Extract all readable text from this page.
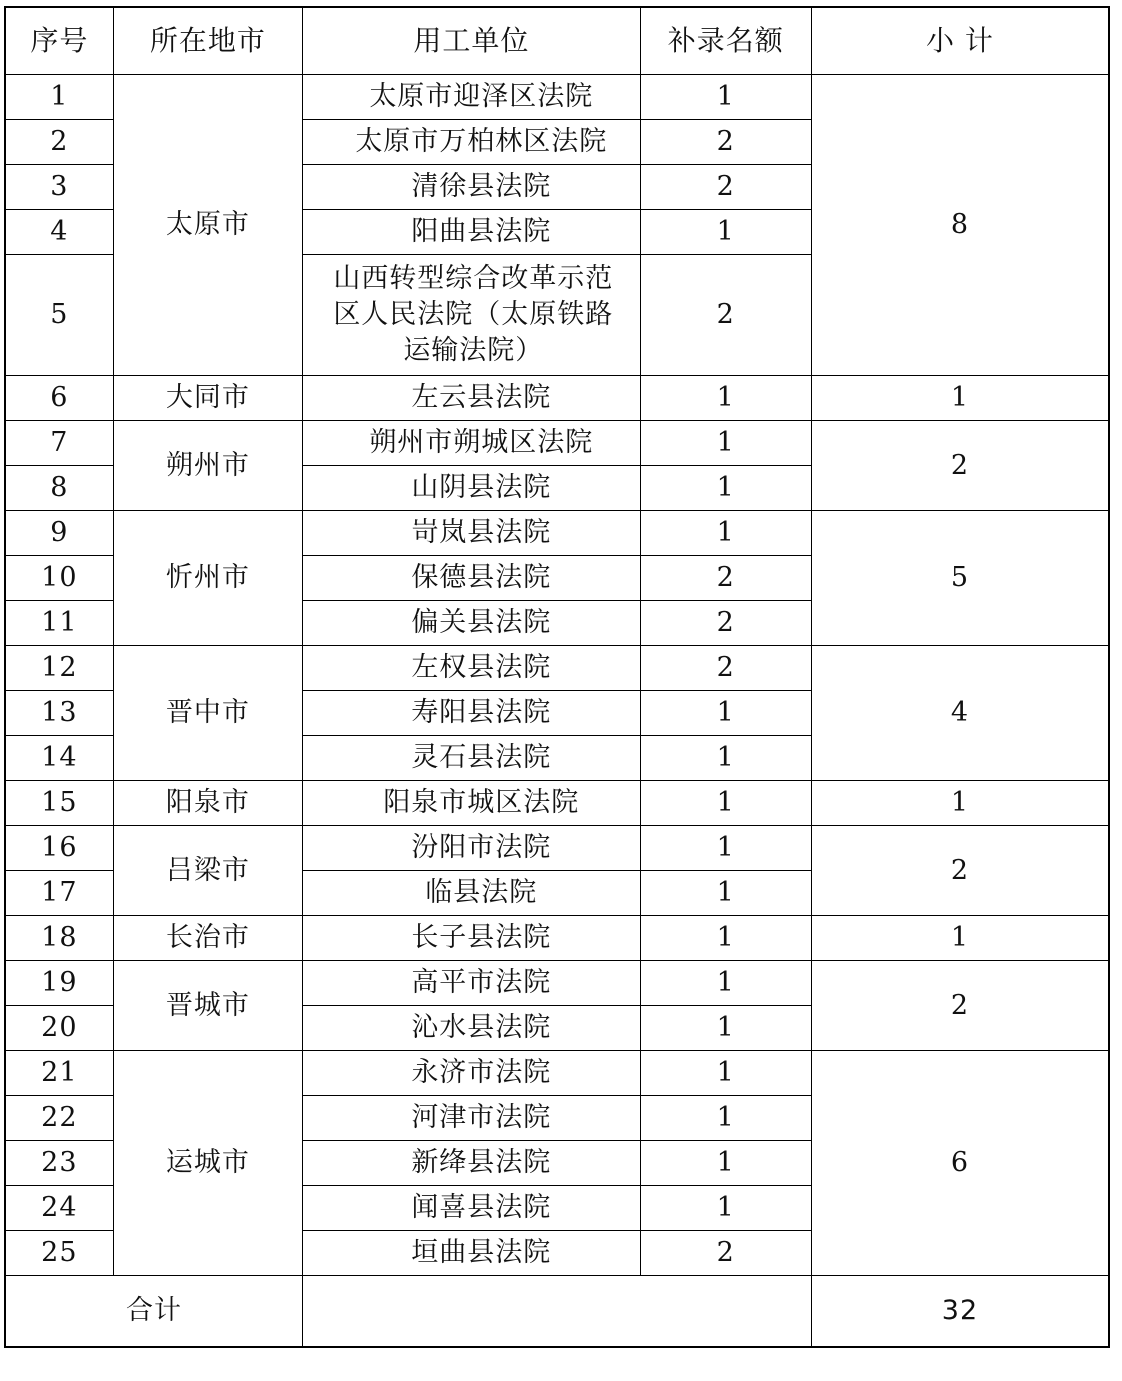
序号	所在地市	用工单位	补录名额	小 计
1	太原市	太原市迎泽区法院	1	8
2		太原市万柏林区法院	2	
3		清徐县法院	2	
4		阳曲县法院	1	
5		山西转型综合改革示范区人民法院（太原铁路运输法院）	2	
6	大同市	左云县法院	1	1
7	朔州市	朔州市朔城区法院	1	2
8		山阴县法院	1	
9	忻州市	岢岚县法院	1	5
10		保德县法院	2	
11		偏关县法院	2	
12	晋中市	左权县法院	2	4
13		寿阳县法院	1	
14		灵石县法院	1	
15	阳泉市	阳泉市城区法院	1	1
16	吕梁市	汾阳市法院	1	2
17		临县法院	1	
18	长治市	长子县法院	1	1
19	晋城市	高平市法院	1	2
20		沁水县法院	1	
21	运城市	永济市法院	1	6
22		河津市法院	1	
23		新绛县法院	1	
24		闻喜县法院	1	
25		垣曲县法院	2	
合计				32
